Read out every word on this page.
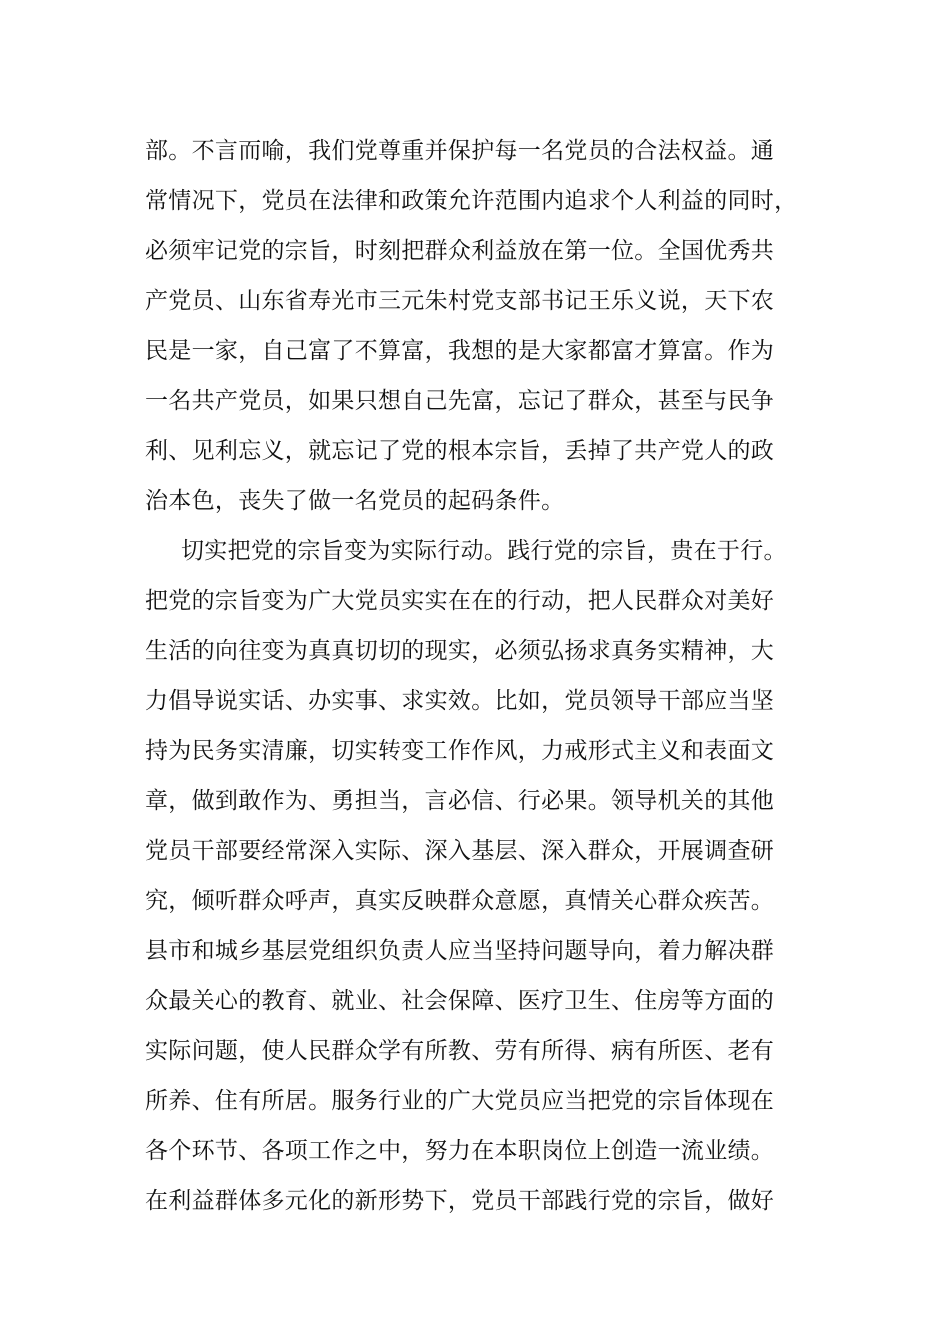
部。不言而喻，我们党尊重并保护每一名党员的合法权益。通
常情况下，党员在法律和政策允许范围内追求个人利益的同时，
必须牢记党的宗旨，时刻把群众利益放在第一位。全国优秀共
产党员、山东省寿光市三元朱村党支部书记王乐义说，天下农
民是一家，自己富了不算富，我想的是大家都富才算富。作为
一名共产党员，如果只想自己先富，忘记了群众，甚至与民争
利、见利忘义，就忘记了党的根本宗旨，丢掉了共产党人的政
治本色，丧失了做一名党员的起码条件。
切实把党的宗旨变为实际行动。践行党的宗旨，贵在于行。
把党的宗旨变为广大党员实实在在的行动，把人民群众对美好
生活的向往变为真真切切的现实，必须弘扬求真务实精神，大
力倡导说实话、办实事、求实效。比如，党员领导干部应当坚
持为民务实清廉，切实转变工作作风，力戒形式主义和表面文
章，做到敢作为、勇担当，言必信、行必果。领导机关的其他
党员干部要经常深入实际、深入基层、深入群众，开展调查研
究，倾听群众呼声，真实反映群众意愿，真情关心群众疾苦。
县市和城乡基层党组织负责人应当坚持问题导向，着力解决群
众最关心的教育、就业、社会保障、医疗卫生、住房等方面的
实际问题，使人民群众学有所教、劳有所得、病有所医、老有
所养、住有所居。服务行业的广大党员应当把党的宗旨体现在
各个环节、各项工作之中，努力在本职岗位上创造一流业绩。
在利益群体多元化的新形势下，党员干部践行党的宗旨，做好
